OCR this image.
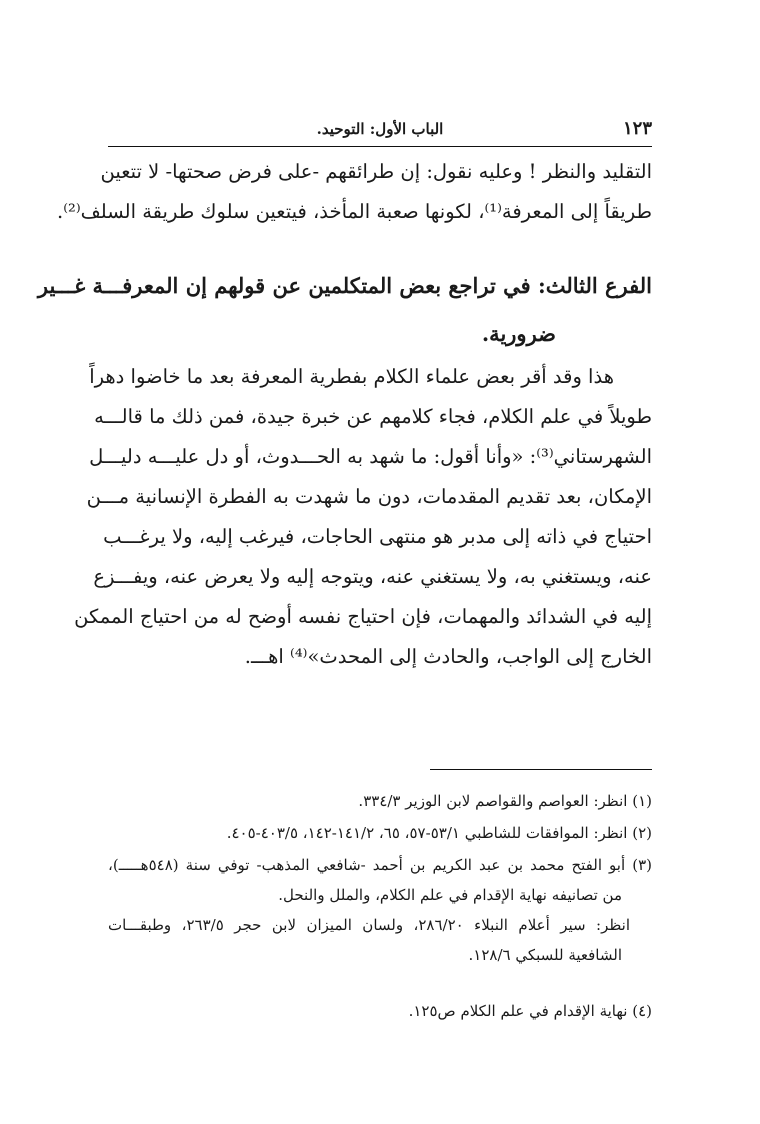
الباب الأول: التوحيد.	١٢٣

التقليد والنظر ! وعليه نقول: إن طرائقهم -على فرض صحتها- لا تتعين

طريقاً إلى المعرفة⁽¹⁾، لكونها صعبة المأخذ، فيتعين سلوك طريقة السلف⁽²⁾.

الفرع الثالث: في تراجع بعض المتكلمين عن قولهم إن المعرفـــة غـــير
ضرورية.

هذا وقد أقر بعض علماء الكلام بفطرية المعرفة بعد ما خاضوا دهراً

طويلاً في علم الكلام، فجاء كلامهم عن خبرة جيدة، فمن ذلك ما قالـــه

الشهرستاني⁽³⁾: «وأنا أقول: ما شهد به الحـــدوث، أو دل عليـــه دليـــل

الإمكان، بعد تقديم المقدمات، دون ما شهدت به الفطرة الإنسانية مـــن

احتياج في ذاته إلى مدبر هو منتهى الحاجات، فيرغب إليه، ولا يرغـــب

عنه، ويستغني به، ولا يستغني عنه، ويتوجه إليه ولا يعرض عنه، ويفـــزع

إليه في الشدائد والمهمات، فإن احتياج نفسه أوضح له من احتياج الممكن

الخارج إلى الواجب، والحادث إلى المحدث»⁽⁴⁾ اهـــ.

(١) انظر: العواصم والقواصم لابن الوزير ٣٣٤/٣.
(٢) انظر: الموافقات للشاطبي ٥٣/١-٥٧، ٦٥، ١٤١/٢-١٤٢، ٤٠٣/٥-٤٠٥.
(٣) أبو الفتح محمد بن عبد الكريم بن أحمد -شافعي المذهب- توفي سنة (٥٤٨هـــــ)،
من تصانيفه نهاية الإقدام في علم الكلام، والملل والنحل.
انظر: سير أعلام النبلاء ٢٨٦/٢٠، ولسان الميزان لابن حجر ٢٦٣/٥، وطبقـــات
الشافعية للسبكي ١٢٨/٦.
(٤) نهاية الإقدام في علم الكلام ص١٢٥.
